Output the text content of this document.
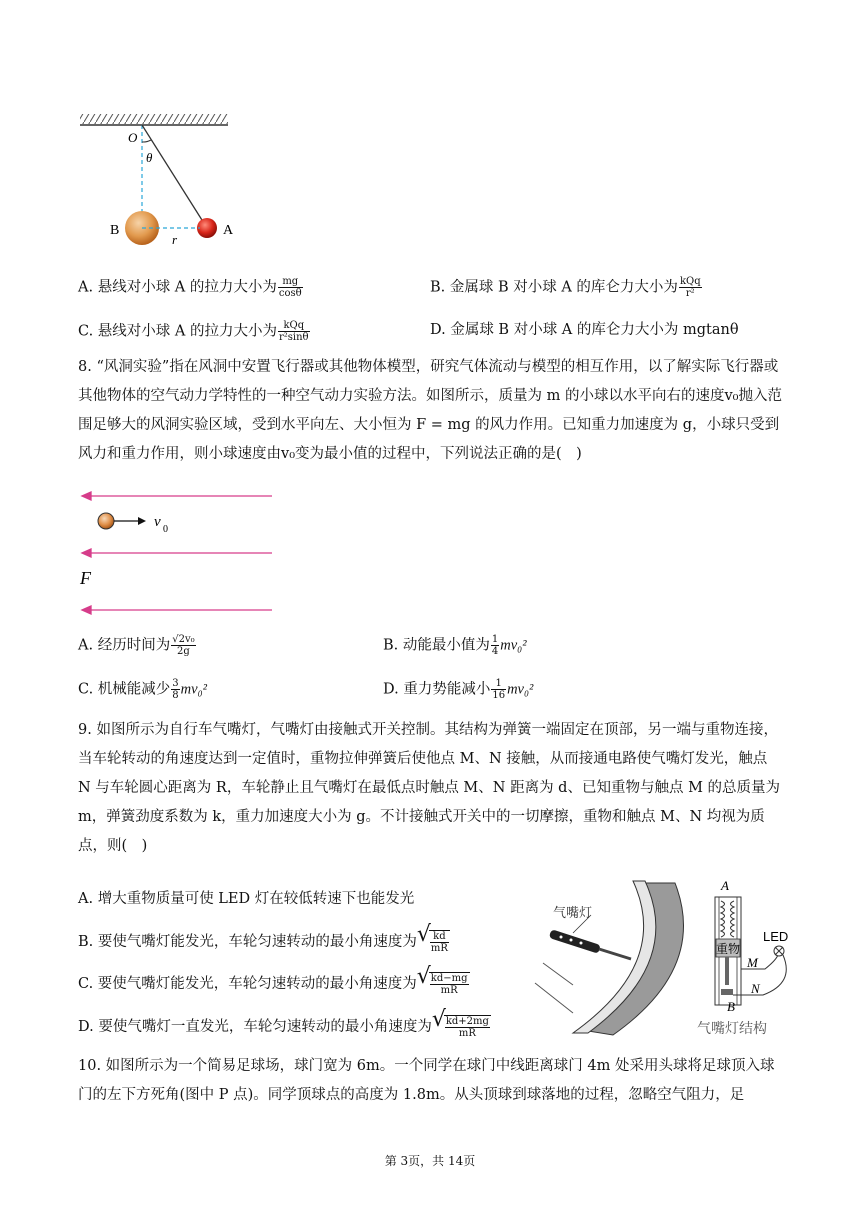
O
θ
B	A
r
A. 悬线对小球 A 的拉力大小为 $\frac{mg}{\cos\theta}$	B. 金属球 B 对小球 A 的库仑力大小为 $\frac{\text{kQq}}{\text{r²}}$
C. 悬线对小球 A 的拉力大小为 $\frac{\text{kQq}}{\text{r²sinθ}}$	D. 金属球 B 对小球 A 的库仑力大小为 mgtanθ
8. “风洞实验”指在风洞中安置飞行器或其他物体模型，研究气体流动与模型的相互作用，以了解实际飞行器或其他物体的空气动力学特性的一种空气动力实验方法。如图所示，质量为 m 的小球以水平向右的速度v₀抛入范围足够大的风洞实验区域，受到水平向左、大小恒为 F = mg 的风力作用。已知重力加速度为 g，小球只受到风力和重力作用，则小球速度由v₀变为最小值的过程中，下列说法正确的是(　)
v 0
F
A. 经历时间为 $\frac{\text{√2v₀}}{2g}$	B. 动能最小值为 $\frac{1}{4} mv_0^2$
C. 机械能减少 $\frac{3}{8} mv_0^2$	D. 重力势能减小 $\frac{1}{16} mv_0^2$
9. 如图所示为自行车气嘴灯，气嘴灯由接触式开关控制。其结构为弹簧一端固定在顶部，另一端与重物连接，当车轮转动的角速度达到一定值时，重物拉伸弹簧后使他点 M、N 接触，从而接通电路使气嘴灯发光，触点 N 与车轮圆心距离为 R，车轮静止且气嘴灯在最低点时触点 M、N 距离为 d、已知重物与触点 M 的总质量为 m，弹簧劲度系数为 k，重力加速度大小为 g。不计接触式开关中的一切摩擦，重物和触点 M、N 均视为质点，则(　)
A. 增大重物质量可使 LED 灯在较低转速下也能发光
B. 要使气嘴灯能发光，车轮匀速转动的最小角速度为 √ $\frac{kd}{mR}$
C. 要使气嘴灯能发光，车轮匀速转动的最小角速度为 √ $\frac{kd-mg}{mR}$
D. 要使气嘴灯一直发光，车轮匀速转动的最小角速度为 √ $\frac{kd+2mg}{mR}$
气嘴灯
A
LED
重物
M
N
B
气嘴灯结构
10. 如图所示为一个简易足球场，球门宽为 6m。一个同学在球门中线距离球门 4m 处采用头球将足球顶入球门的左下方死角(图中 P 点)。同学顶球点的高度为 1.8m。从头顶球到球落地的过程，忽略空气阻力，足
第 3页，共 14页
